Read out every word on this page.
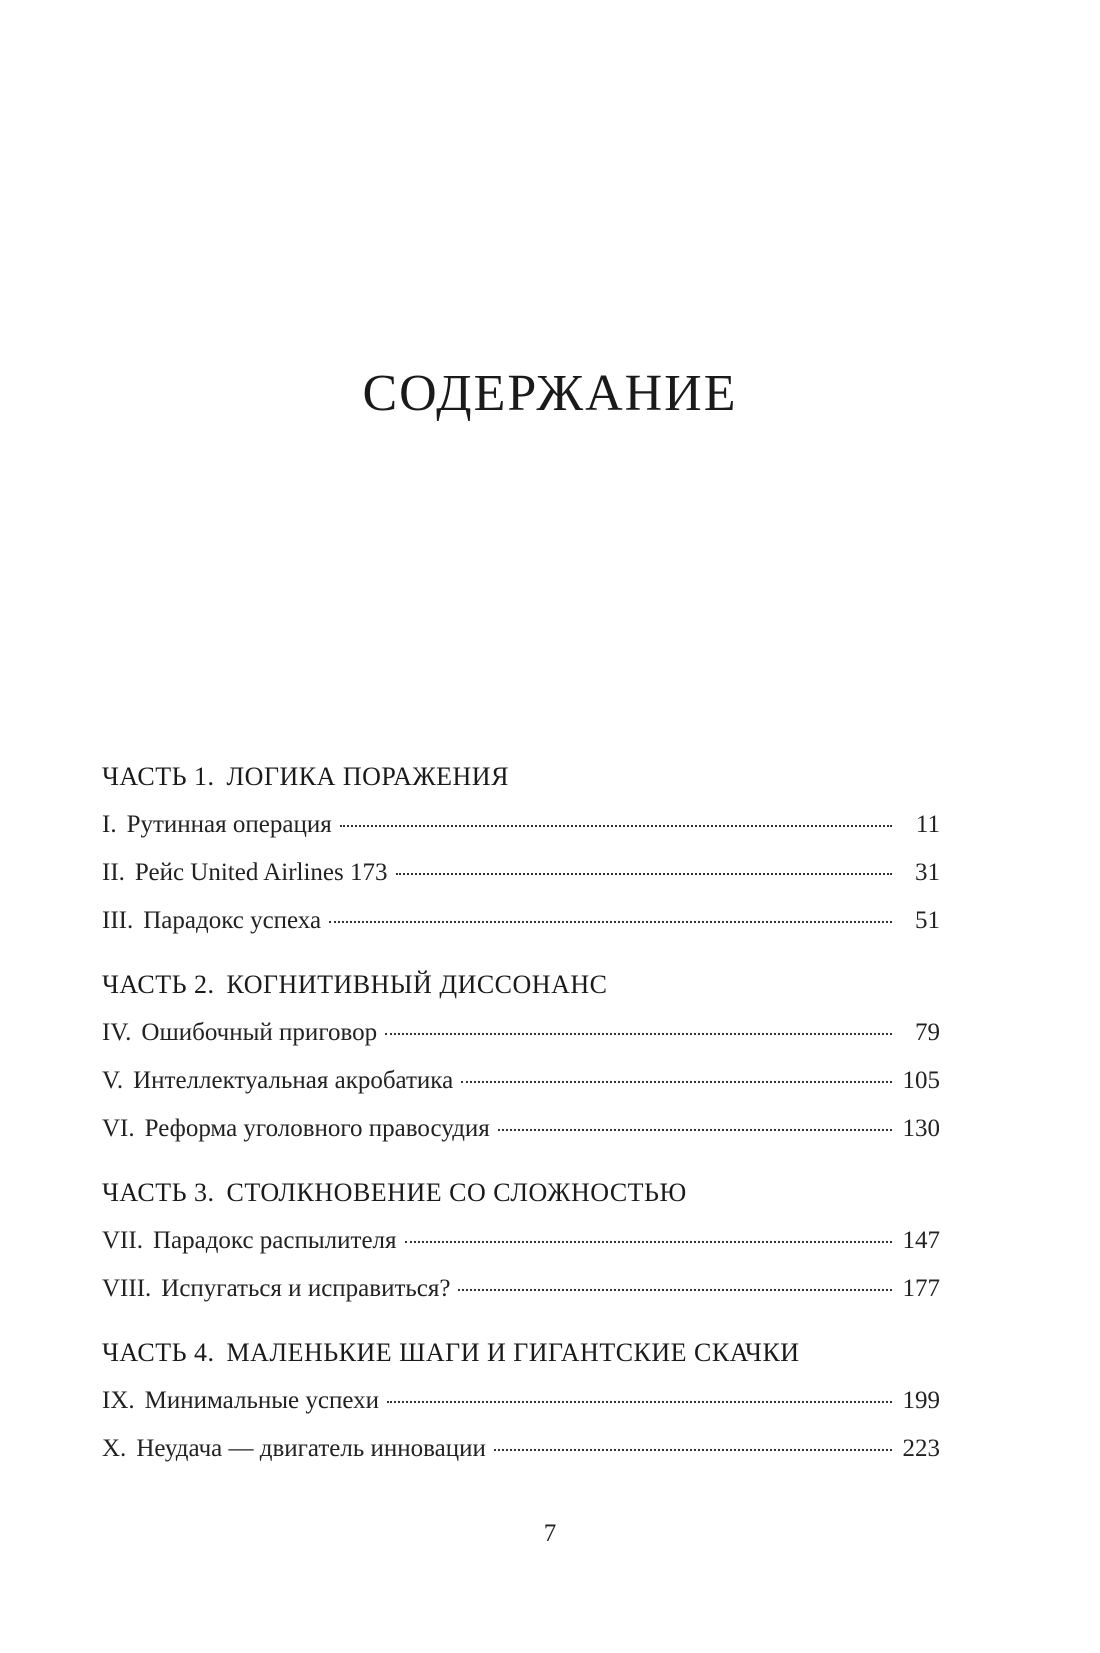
СОДЕРЖАНИЕ
ЧАСТЬ 1. ЛОГИКА ПОРАЖЕНИЯ
I. Рутинная операция	11
II. Рейс United Airlines 173	31
III. Парадокс успеха	51
ЧАСТЬ 2. КОГНИТИВНЫЙ ДИССОНАНС
IV. Ошибочный приговор	79
V. Интеллектуальная акробатика	105
VI. Реформа уголовного правосудия	130
ЧАСТЬ 3. СТОЛКНОВЕНИЕ СО СЛОЖНОСТЬЮ
VII. Парадокс распылителя	147
VIII. Испугаться и исправиться?	177
ЧАСТЬ 4. МАЛЕНЬКИЕ ШАГИ И ГИГАНТСКИЕ СКАЧКИ
IX. Минимальные успехи	199
X. Неудача — двигатель инновации	223
7
